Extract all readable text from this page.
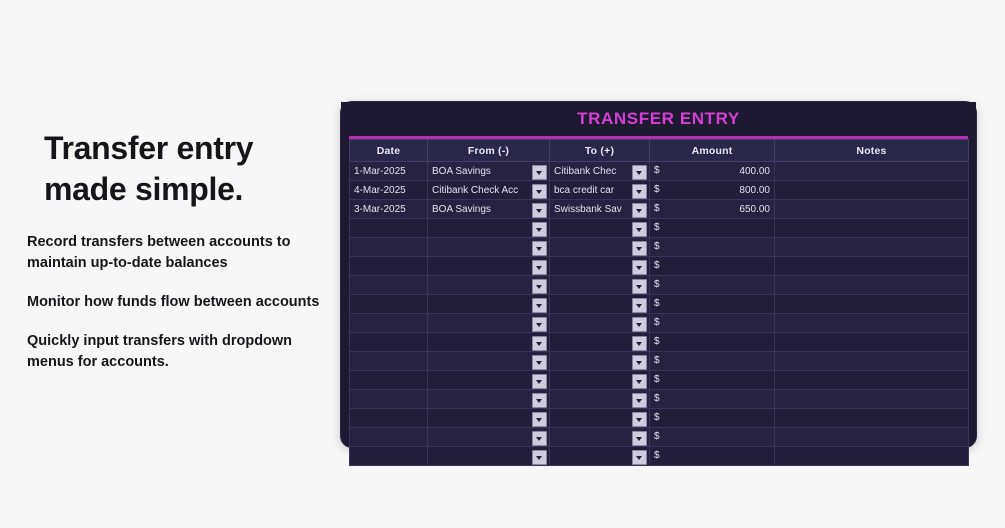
Transfer entry made simple.
Record transfers between accounts to maintain up-to-date balances
Monitor how funds flow between accounts
Quickly input transfers with dropdown menus for accounts.
TRANSFER ENTRY
Date	From (-)	To (+)	Amount	Notes
1-Mar-2025	BOA Savings	Citibank Chec	$ 400.00	
4-Mar-2025	Citibank Check Acc	bca credit car	$ 800.00	
3-Mar-2025	BOA Savings	Swissbank Sav	$ 650.00	

			$	

			$	

			$	

			$	

			$	

			$	

			$	

			$	

			$	

			$	

			$	

			$	

			$	
